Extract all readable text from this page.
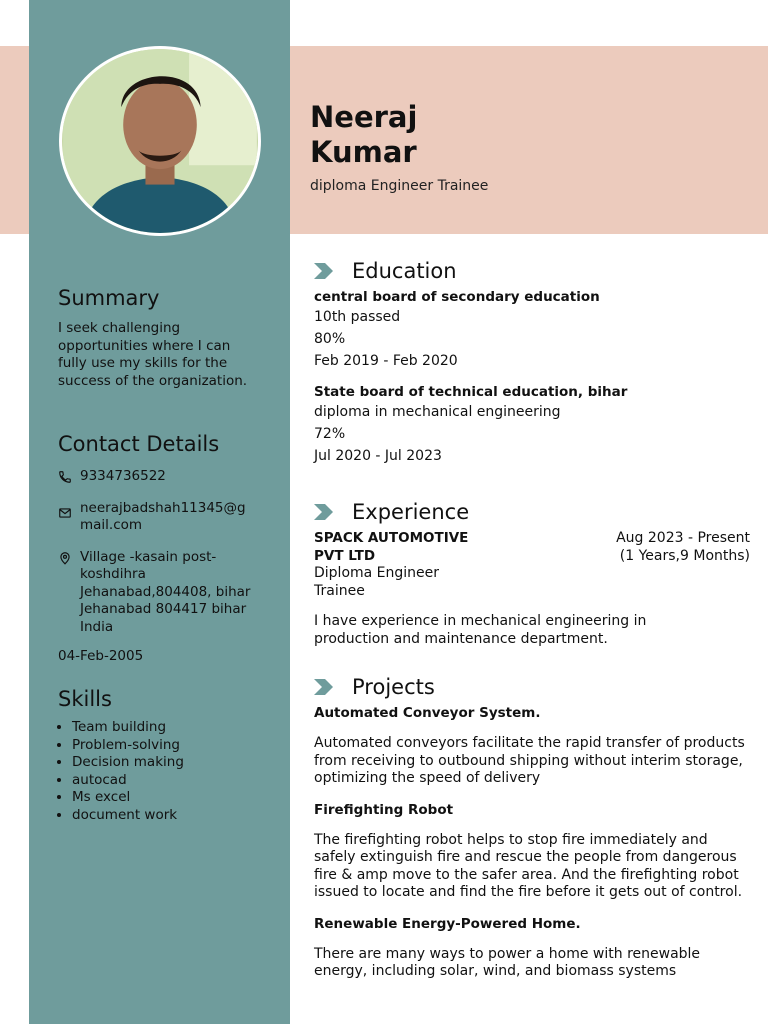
Neeraj
Kumar
diploma Engineer Trainee
Summary
I seek challenging opportunities where I can fully use my skills for the success of the organization.
Contact Details
9334736522
neerajbadshah11345@g
mail.com
Village -kasain post-koshdihra Jehanabad,804408, bihar Jehanabad 804417 bihar India
04-Feb-2005
Skills
• Team building
• Problem-solving
• Decision making
• autocad
• Ms excel
• document work
Education
central board of secondary education
10th passed
80%
Feb 2019 - Feb 2020
State board of technical education, bihar
diploma in mechanical engineering
72%
Jul 2020 - Jul 2023
Experience
SPACK AUTOMOTIVE
PVT LTD
Diploma Engineer
Trainee
Aug 2023 - Present
(1 Years,9 Months)
I have experience in mechanical engineering in production and maintenance department.
Projects
Automated Conveyor System.
Automated conveyors facilitate the rapid transfer of products from receiving to outbound shipping without interim storage, optimizing the speed of delivery
Firefighting Robot
The firefighting robot helps to stop fire immediately and safely extinguish fire and rescue the people from dangerous fire & amp move to the safer area. And the firefighting robot issued to locate and find the fire before it gets out of control.
Renewable Energy-Powered Home.
There are many ways to power a home with renewable energy, including solar, wind, and biomass systems
